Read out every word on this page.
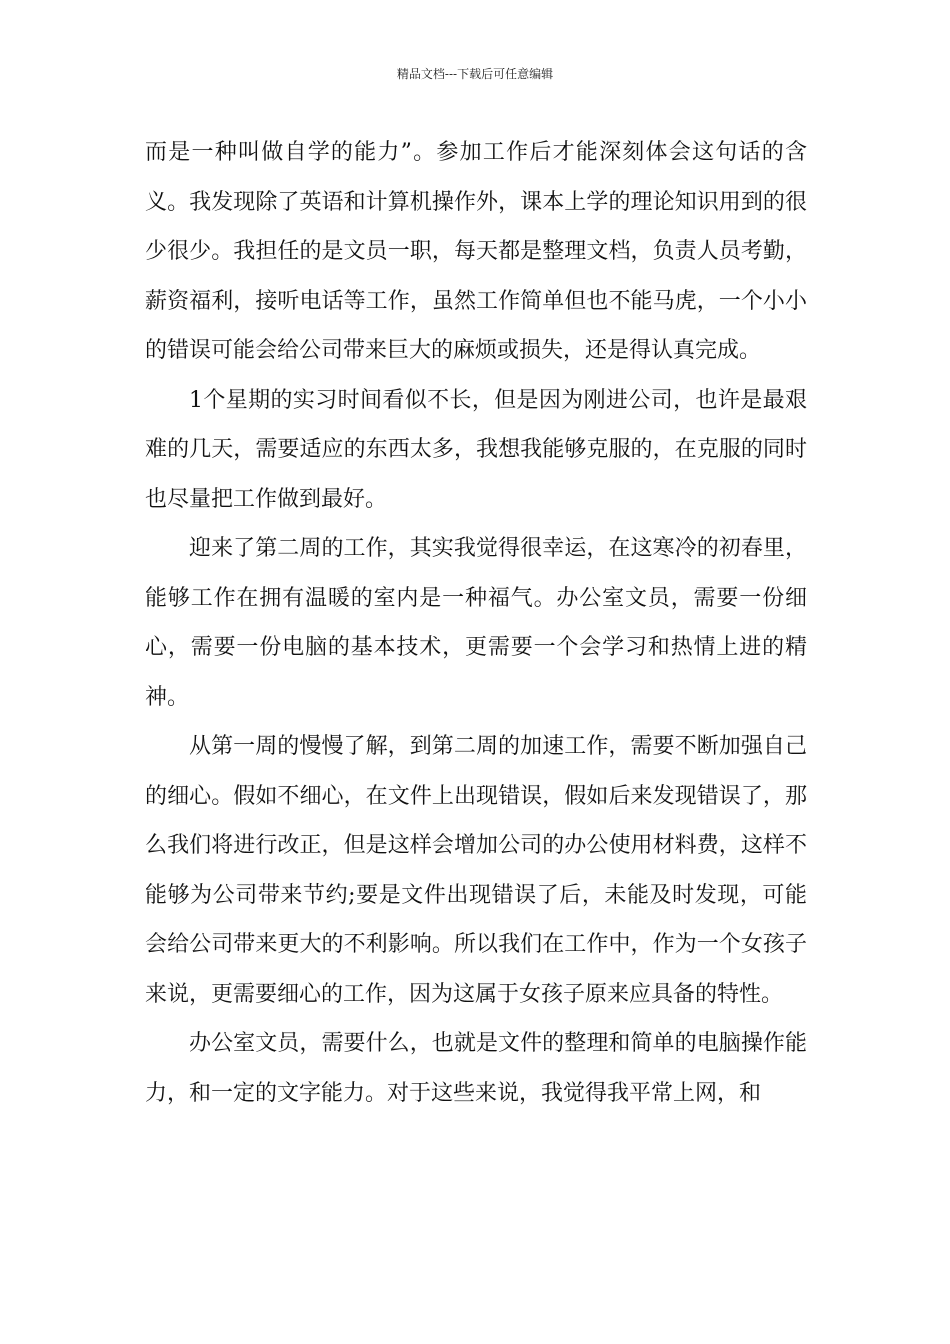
精品文档---下载后可任意编辑

而是一种叫做自学的能力”。参加工作后才能深刻体会这句话的含义。我发现除了英语和计算机操作外，课本上学的理论知识用到的很少很少。我担任的是文员一职，每天都是整理文档，负责人员考勤，薪资福利，接听电话等工作，虽然工作简单但也不能马虎，一个小小的错误可能会给公司带来巨大的麻烦或损失，还是得认真完成。

1个星期的实习时间看似不长，但是因为刚进公司，也许是最艰难的几天，需要适应的东西太多，我想我能够克服的，在克服的同时也尽量把工作做到最好。

迎来了第二周的工作，其实我觉得很幸运，在这寒冷的初春里，能够工作在拥有温暖的室内是一种福气。办公室文员，需要一份细心，需要一份电脑的基本技术，更需要一个会学习和热情上进的精神。

从第一周的慢慢了解，到第二周的加速工作，需要不断加强自己的细心。假如不细心，在文件上出现错误，假如后来发现错误了，那么我们将进行改正，但是这样会增加公司的办公使用材料费，这样不能够为公司带来节约;要是文件出现错误了后，未能及时发现，可能会给公司带来更大的不利影响。所以我们在工作中，作为一个女孩子来说，更需要细心的工作，因为这属于女孩子原来应具备的特性。

办公室文员，需要什么，也就是文件的整理和简单的电脑操作能力，和一定的文字能力。对于这些来说，我觉得我平常上网，和
